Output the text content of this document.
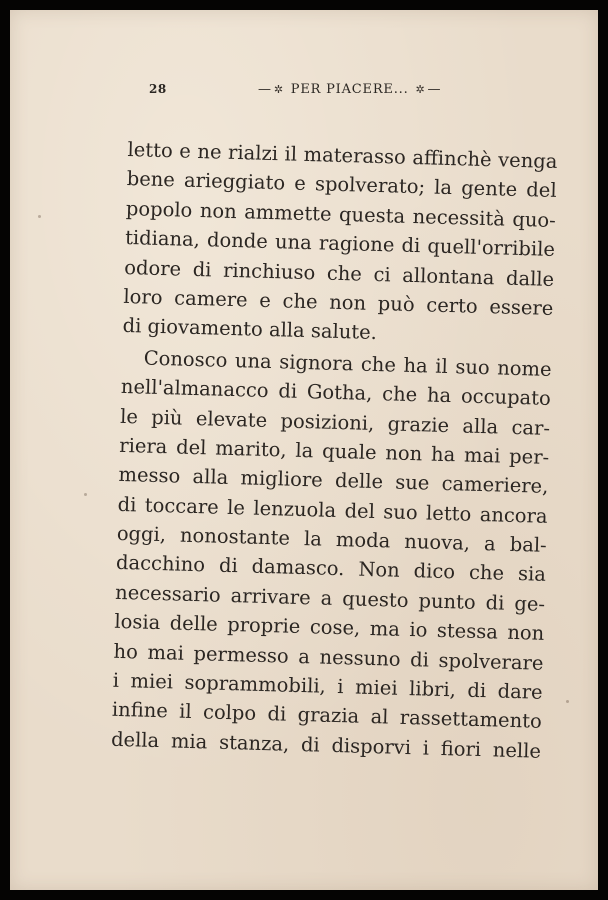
28	— ✲ PER PIACERE... ✲ —
letto e ne rialzi il materasso affinchè venga
bene arieggiato e spolverato; la gente del
popolo non ammette questa necessità quo-
tidiana, donde una ragione di quell'orribile
odore di rinchiuso che ci allontana dalle
loro camere e che non può certo essere
di giovamento alla salute.
Conosco una signora che ha il suo nome
nell'almanacco di Gotha, che ha occupato
le più elevate posizioni, grazie alla car-
riera del marito, la quale non ha mai per-
messo alla migliore delle sue cameriere,
di toccare le lenzuola del suo letto ancora
oggi, nonostante la moda nuova, a bal-
dacchino di damasco. Non dico che sia
necessario arrivare a questo punto di ge-
losia delle proprie cose, ma io stessa non
ho mai permesso a nessuno di spolverare
i miei soprammobili, i miei libri, di dare
infine il colpo di grazia al rassettamento
della mia stanza, di disporvi i fiori nelle
